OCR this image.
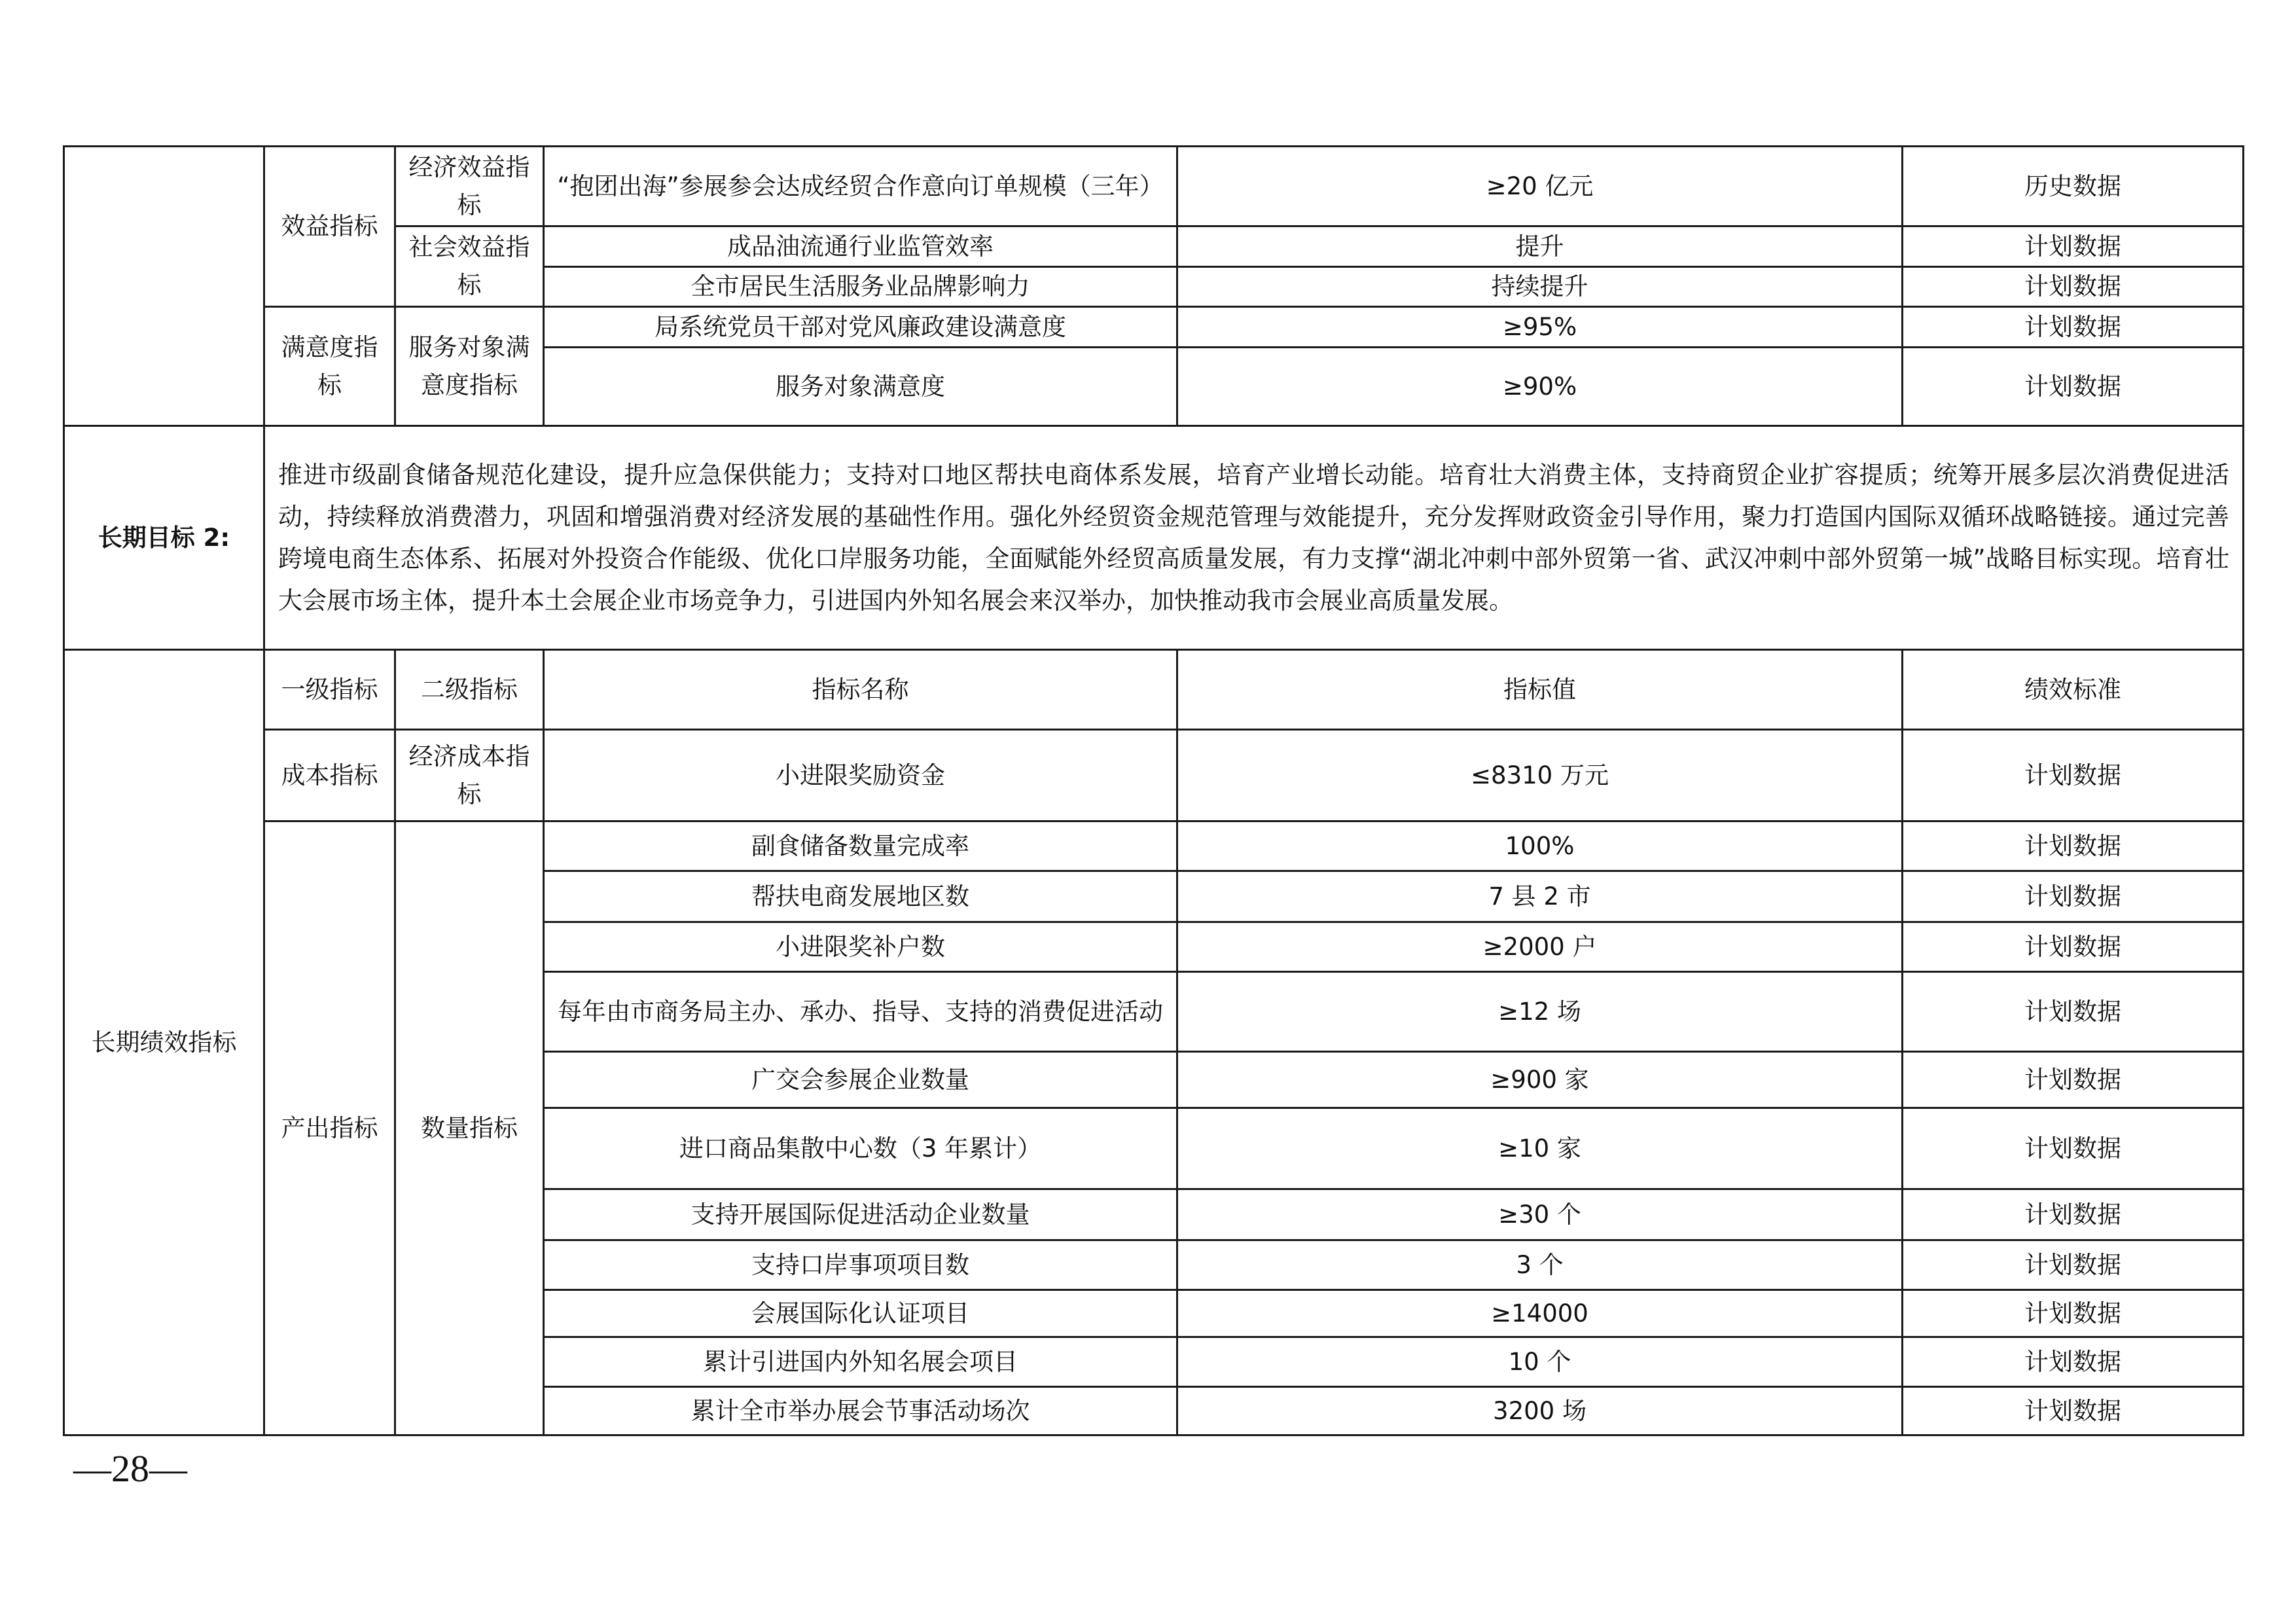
	效益指标	经济效益指标	“抱团出海”参展参会达成经贸合作意向订单规模（三年）	≥20 亿元	历史数据
		社会效益指标	成品油流通行业监管效率	提升	计划数据
			全市居民生活服务业品牌影响力	持续提升	计划数据
	满意度指标	服务对象满意度指标	局系统党员干部对党风廉政建设满意度	≥95%	计划数据
			服务对象满意度	≥90%	计划数据
长期目标 2:	推进市级副食储备规范化建设，提升应急保供能力；支持对口地区帮扶电商体系发展，培育产业增长动能。培育壮大消费主体，支持商贸企业扩容提质；统筹开展多层次消费促进活动，持续释放消费潜力，巩固和增强消费对经济发展的基础性作用。强化外经贸资金规范管理与效能提升，充分发挥财政资金引导作用，聚力打造国内国际双循环战略链接。通过完善跨境电商生态体系、拓展对外投资合作能级、优化口岸服务功能，全面赋能外经贸高质量发展，有力支撑“湖北冲刺中部外贸第一省、武汉冲刺中部外贸第一城”战略目标实现。培育壮大会展市场主体，提升本土会展企业市场竞争力，引进国内外知名展会来汉举办，加快推动我市会展业高质量发展。				
长期绩效指标	一级指标	二级指标	指标名称	指标值	绩效标准
	成本指标	经济成本指标	小进限奖励资金	≤8310 万元	计划数据
	产出指标	数量指标	副食储备数量完成率	100%	计划数据
			帮扶电商发展地区数	7 县 2 市	计划数据
			小进限奖补户数	≥2000 户	计划数据
			每年由市商务局主办、承办、指导、支持的消费促进活动	≥12 场	计划数据
			广交会参展企业数量	≥900 家	计划数据
			进口商品集散中心数（3 年累计）	≥10 家	计划数据
			支持开展国际促进活动企业数量	≥30 个	计划数据
			支持口岸事项项目数	3 个	计划数据
			会展国际化认证项目	≥14000	计划数据
			累计引进国内外知名展会项目	10 个	计划数据
			累计全市举办展会节事活动场次	3200 场	计划数据
—28—
